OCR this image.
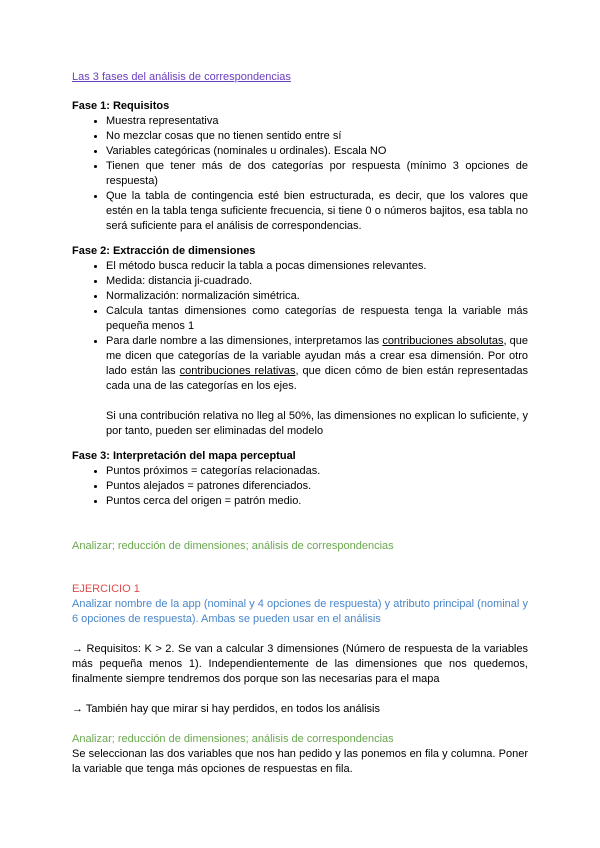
Las 3 fases del análisis de correspondencias
Fase 1: Requisitos
• Muestra representativa
• No mezclar cosas que no tienen sentido entre sí
• Variables categóricas (nominales u ordinales). Escala NO
• Tienen que tener más de dos categorías por respuesta (mínimo 3 opciones de respuesta)
• Que la tabla de contingencia esté bien estructurada, es decir, que los valores que estén en la tabla tenga suficiente frecuencia, si tiene 0 o números bajitos, esa tabla no será suficiente para el análisis de correspondencias.
Fase 2: Extracción de dimensiones
• El método busca reducir la tabla a pocas dimensiones relevantes.
• Medida: distancia ji-cuadrado.
• Normalización: normalización simétrica.
• Calcula tantas dimensiones como categorías de respuesta tenga la variable más pequeña menos 1
• Para darle nombre a las dimensiones, interpretamos las contribuciones absolutas, que me dicen que categorías de la variable ayudan más a crear esa dimensión. Por otro lado están las contribuciones relativas, que dicen cómo de bien están representadas cada una de las categorías en los ejes.
Si una contribución relativa no lleg al 50%, las dimensiones no explican lo suficiente, y por tanto, pueden ser eliminadas del modelo
Fase 3: Interpretación del mapa perceptual
• Puntos próximos = categorías relacionadas.
• Puntos alejados = patrones diferenciados.
• Puntos cerca del origen = patrón medio.

Analizar; reducción de dimensiones; análisis de correspondencias

EJERCICIO 1

Analizar nombre de la app (nominal y 4 opciones de respuesta) y atributo principal (nominal y 6 opciones de respuesta). Ambas se pueden usar en el análisis

→ Requisitos: K > 2. Se van a calcular 3 dimensiones (Número de respuesta de la variables más pequeña menos 1). Independientemente de las dimensiones que nos quedemos, finalmente siempre tendremos dos porque son las necesarias para el mapa

→ También hay que mirar si hay perdidos, en todos los análisis

Analizar; reducción de dimensiones; análisis de correspondencias

Se seleccionan las dos variables que nos han pedido y las ponemos en fila y columna. Poner la variable que tenga más opciones de respuestas en fila.
